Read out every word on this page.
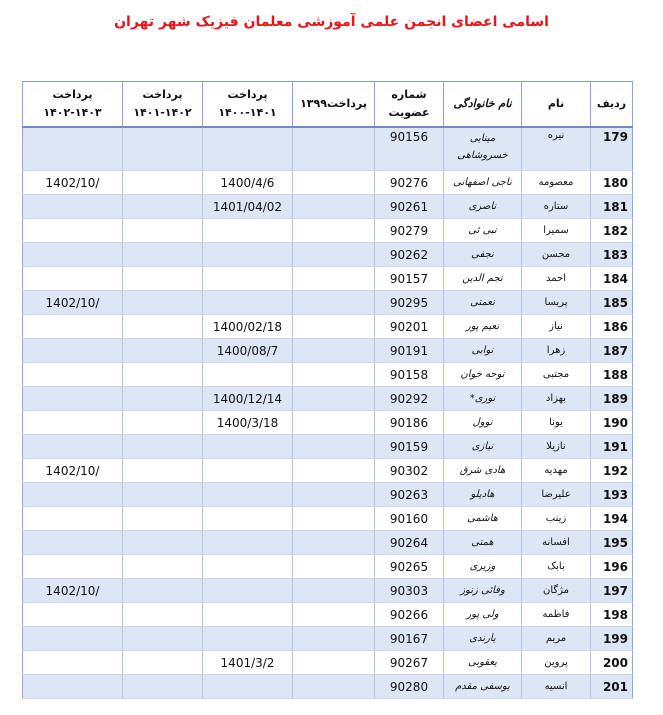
اسامی اعضای انجمن علمی آموزشی معلمان فیزیک شهر تهران
ردیف	نام	نام خانوادگی	شماره عضویت	پرداخت۱۳۹۹	پرداخت ۱۴۰۱-۱۴۰۰	پرداخت ۱۴۰۲-۱۴۰۱	پرداخت ۱۴۰۳-۱۴۰۲
179	نیره	مینایی خسروشاهی	90156				
180	معصومه	ناجی اصفهانی	90276		1400/4/6		1402/10/
181	ستاره	ناصری	90261		1401/04/02		
182	سمیرا	نبی ئی	90279				
183	محسن	نجفی	90262				
184	احمد	نجم الدین	90157				
185	پریسا	نعمتی	90295				1402/10/
186	نیاز	نعیم پور	90201		1400/02/18		
187	زهرا	نوابی	90191		1400/08/7		
188	مجتبی	نوحه خوان	90158				
189	بهزاد	نوری*	90292		1400/12/14		
190	یونا	نوول	90186		1400/3/18		
191	نازیلا	نیازی	90159				
192	مهدیه	هادی شرق	90302				1402/10/
193	علیرضا	هادیلو	90263				
194	زینب	هاشمی	90160				
195	افسانه	همتی	90264				
196	بابک	وزیری	90265				
197	مژگان	وفائی زنوز	90303				1402/10/
198	فاطمه	ولی پور	90266				
199	مریم	یارندی	90167				
200	پروین	یعقوبی	90267		1401/3/2		
201	انسیه	یوسفی مقدم	90280				
